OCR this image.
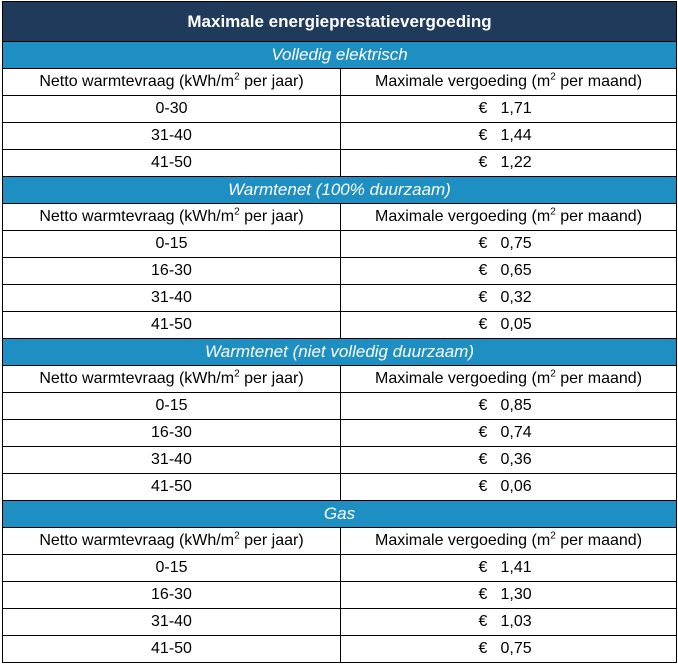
Maximale energieprestatievergoeding	
Volledig elektrisch	
Netto warmtevraag ($kWh/m^2$ per jaar)	Maximale vergoeding ($m^2$ per maand)
0-30	€ 1,71
31-40	€ 1,44
41-50	€ 1,22
Warmtenet (100% duurzaam)	
Netto warmtevraag ($kWh/m^2$ per jaar)	Maximale vergoeding ($m^2$ per maand)
0-15	€ 0,75
16-30	€ 0,65
31-40	€ 0,32
41-50	€ 0,05
Warmtenet (niet volledig duurzaam)	
Netto warmtevraag ($kWh/m^2$ per jaar)	Maximale vergoeding ($m^2$ per maand)
0-15	€ 0,85
16-30	€ 0,74
31-40	€ 0,36
41-50	€ 0,06
Gas	
Netto warmtevraag ($kWh/m^2$ per jaar)	Maximale vergoeding ($m^2$ per maand)
0-15	€ 1,41
16-30	€ 1,30
31-40	€ 1,03
41-50	€ 0,75
